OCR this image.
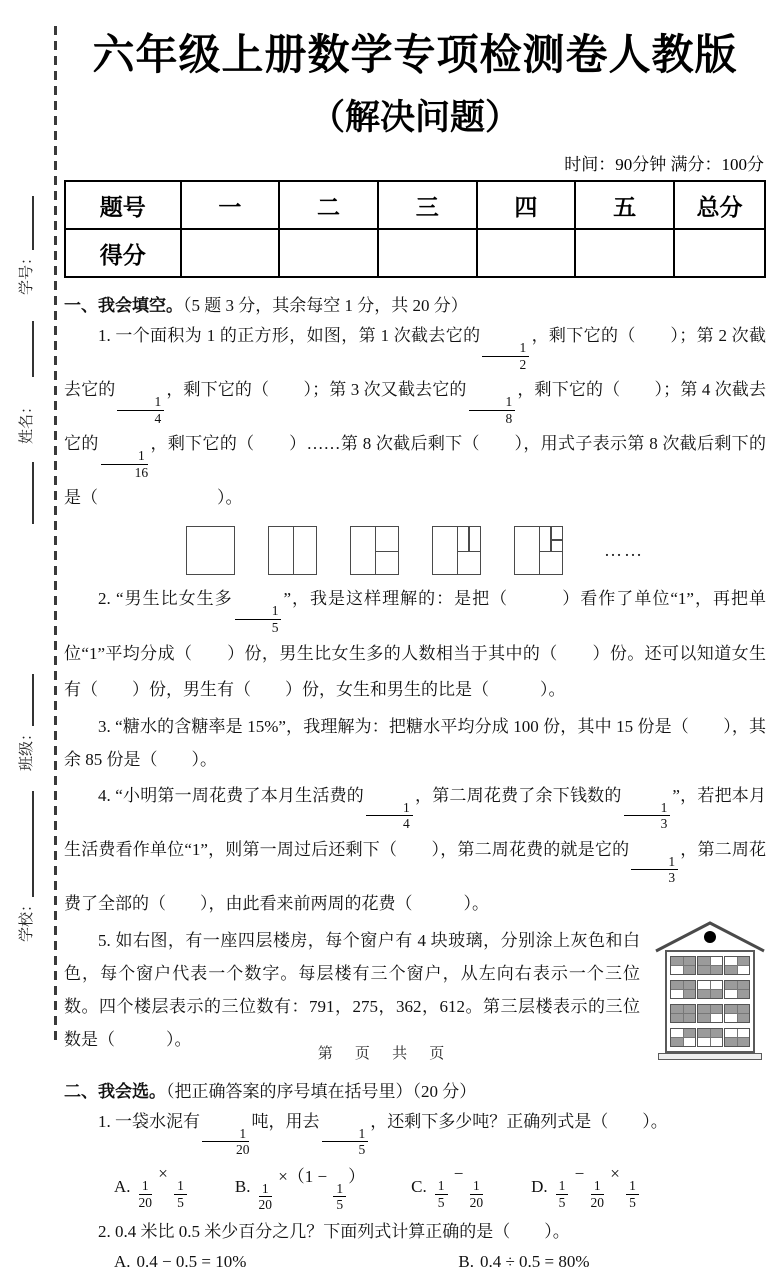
学校：
班级：
姓名：
学号：
六年级上册数学专项检测卷人教版
（解决问题）
时间：90分钟 满分：100分
题号	一	二	三	四	五	总分
得分						

一、我会填空。（5 题 3 分，其余每空 1 分，共 20 分）

1. 一个面积为 1 的正方形，如图，第 1 次截去它的
$\frac{1}{2}$
，剩下它的（　　）；第 2 次截去它的
$\frac{1}{4}$
，剩下它的（　　）；第 3 次又截去它的
$\frac{1}{8}$
，剩下它的（　　）；第 4 次截去它的
$\frac{1}{16}$
，剩下它的（　　）……第 8 次截后剩下（　　），用式子表示第 8 次截后剩下的是（　　　　　　　）。

……

2. “男生比女生多
$\frac{1}{5}$
”，我是这样理解的：是把（　　　）看作了单位“1”，再把单位“1”平均分成（　　）份，男生比女生多的人数相当于其中的（　　）份。还可以知道女生有（　　）份，男生有（　　）份，女生和男生的比是（　　　）。

3. “糖水的含糖率是 15%”，我理解为：把糖水平均分成 100 份，其中 15 份是（　　），其余 85 份是（　　）。

4. “小明第一周花费了本月生活费的
$\frac{1}{4}$
，第二周花费了余下钱数的
$\frac{1}{3}$
”，若把本月生活费看作单位“1”，则第一周过后还剩下（　　），第二周花费的就是它的
$\frac{1}{3}$
，第二周花费了全部的（　　），由此看来前两周的花费（　　　）。

5. 如右图，有一座四层楼房，每个窗户有 4 块玻璃，分别涂上灰色和白色，每个窗户代表一个数字。每层楼有三个窗户，从左向右表示一个三位数。四个楼层表示的三位数有：791，275，362，612。第三层楼表示的三位数是（　　　）。

二、我会选。（把正确答案的序号填在括号里）（20 分）

1. 一袋水泥有
$\frac{1}{20}$
吨，用去
$\frac{1}{5}$
，还剩下多少吨？正确列式是（　　）。

A. $\frac{1}{20}$
×
$\frac{1}{5}$	B. $\frac{1}{20}$
×（1 −
$\frac{1}{5}$
）
C. $\frac{1}{5}$
−
$\frac{1}{20}$	D. $\frac{1}{5}$
−
$\frac{1}{20}$
×
$\frac{1}{5}$

2. 0.4 米比 0.5 米少百分之几？下面列式计算正确的是（　　）。

A. 0.4 − 0.5 = 10%	B. 0.4 ÷ 0.5 = 80%
第 页 共 页
